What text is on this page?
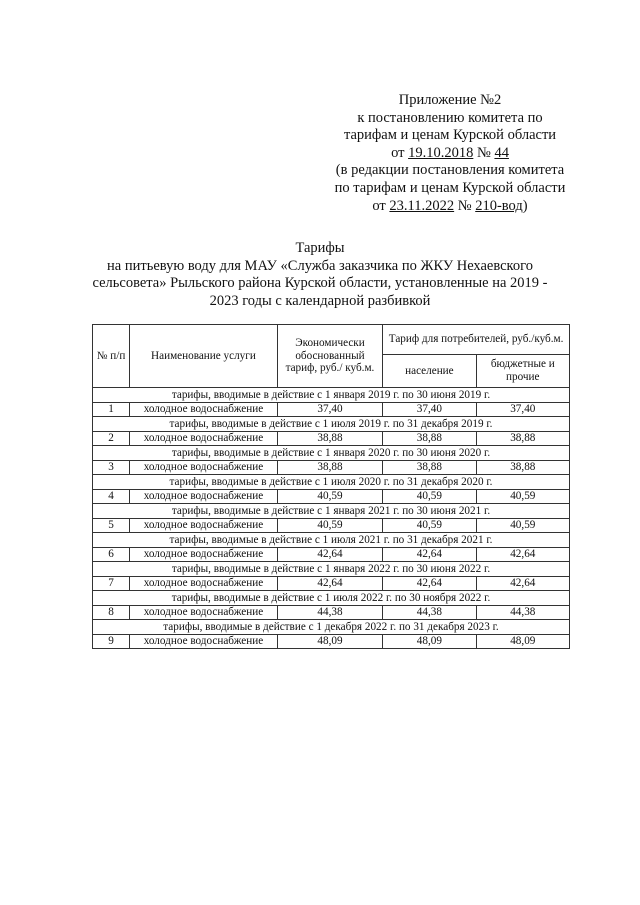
Приложение №2
к постановлению комитета по
тарифам и ценам Курской области
от 19.10.2018 № 44
(в редакции постановления комитета
по тарифам и ценам Курской области
от 23.11.2022 № 210-вод)
Тарифы
на питьевую воду для МАУ «Служба заказчика по ЖКУ Нехаевского
сельсовета» Рыльского района Курской области, установленные на 2019 -
2023 годы с календарной разбивкой
№ п/п	Наименование услуги	Экономически обоснованный тариф, руб./ куб.м.	Тариф для потребителей, руб./куб.м.	
			население	бюджетные и прочие
тарифы, вводимые в действие с 1 января 2019 г. по 30 июня 2019 г.				
1	холодное водоснабжение	37,40	37,40	37,40
тарифы, вводимые в действие с 1 июля 2019 г. по 31 декабря 2019 г.				
2	холодное водоснабжение	38,88	38,88	38,88
тарифы, вводимые в действие с 1 января 2020 г. по 30 июня 2020 г.				
3	холодное водоснабжение	38,88	38,88	38,88
тарифы, вводимые в действие с 1 июля 2020 г. по 31 декабря 2020 г.				
4	холодное водоснабжение	40,59	40,59	40,59
тарифы, вводимые в действие с 1 января 2021 г. по 30 июня 2021 г.				
5	холодное водоснабжение	40,59	40,59	40,59
тарифы, вводимые в действие с 1 июля 2021 г. по 31 декабря 2021 г.				
6	холодное водоснабжение	42,64	42,64	42,64
тарифы, вводимые в действие с 1 января 2022 г. по 30 июня 2022 г.				
7	холодное водоснабжение	42,64	42,64	42,64
тарифы, вводимые в действие с 1 июля 2022 г. по 30 ноября 2022 г.				
8	холодное водоснабжение	44,38	44,38	44,38
тарифы, вводимые в действие с 1 декабря 2022 г. по 31 декабря 2023 г.				
9	холодное водоснабжение	48,09	48,09	48,09
